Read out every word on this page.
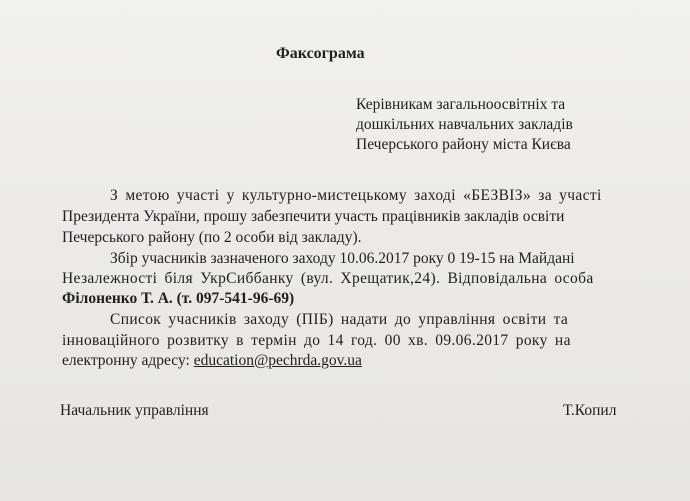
Факсограма
Керівникам загальноосвітніх та
дошкільних навчальних закладів
Печерського району міста Києва
З метою участі у культурно-мистецькому заході «БЕЗВІЗ» за участі
Президента України, прошу забезпечити участь працівників закладів освіти
Печерського району (по 2 особи від закладу).
Збір учасників зазначеного заходу 10.06.2017 року 0 19-15 на Майдані
Незалежності біля УкрСиббанку (вул. Хрещатик,24). Відповідальна особа
Філоненко Т. А. (т. 097-541-96-69)
Список учасників заходу (ПІБ) надати до управління освіти та
інноваційного розвитку в термін до 14 год. 00 хв. 09.06.2017 року на
електронну адресу: education@pechrda.gov.ua
Начальник управління	Т.Копил
